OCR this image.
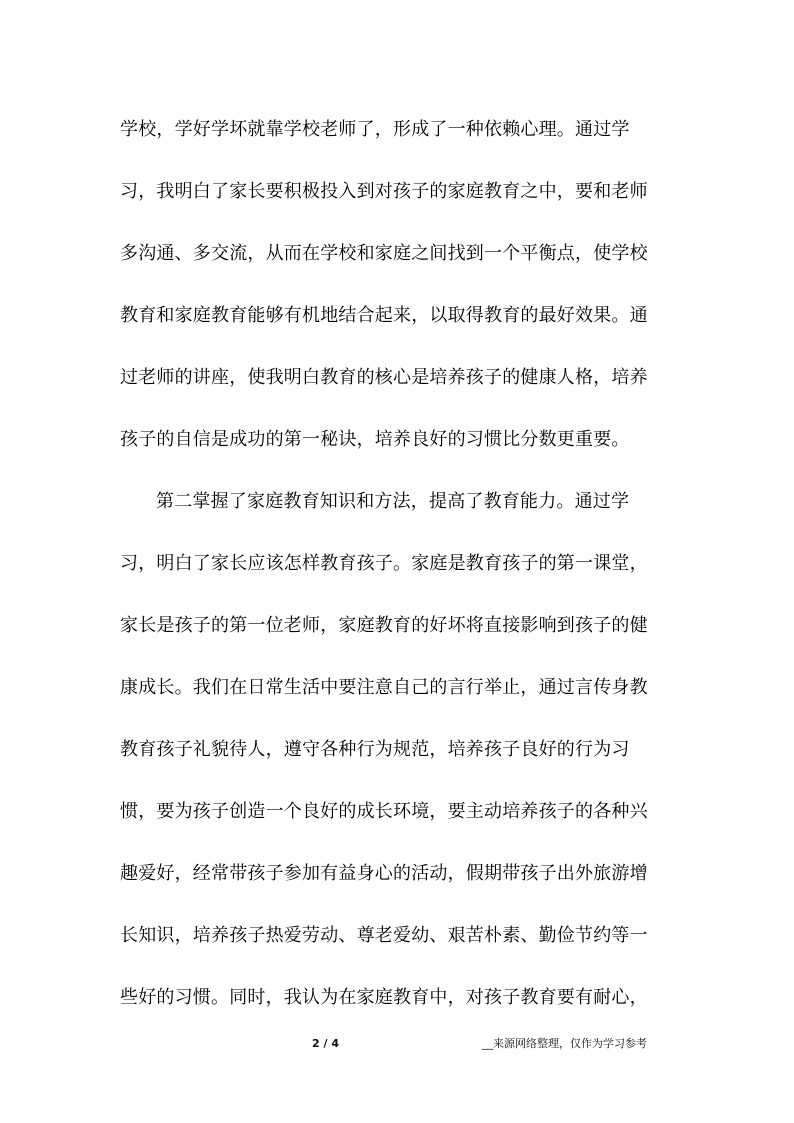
学校，学好学坏就靠学校老师了，形成了一种依赖心理。通过学
习，我明白了家长要积极投入到对孩子的家庭教育之中，要和老师
多沟通、多交流，从而在学校和家庭之间找到一个平衡点，使学校
教育和家庭教育能够有机地结合起来，以取得教育的最好效果。通
过老师的讲座，使我明白教育的核心是培养孩子的健康人格，培养
孩子的自信是成功的第一秘诀，培养良好的习惯比分数更重要。
第二掌握了家庭教育知识和方法，提高了教育能力。通过学
习，明白了家长应该怎样教育孩子。家庭是教育孩子的第一课堂，
家长是孩子的第一位老师，家庭教育的好坏将直接影响到孩子的健
康成长。我们在日常生活中要注意自己的言行举止，通过言传身教
教育孩子礼貌待人，遵守各种行为规范，培养孩子良好的行为习
惯，要为孩子创造一个良好的成长环境，要主动培养孩子的各种兴
趣爱好，经常带孩子参加有益身心的活动，假期带孩子出外旅游增
长知识，培养孩子热爱劳动、尊老爱幼、艰苦朴素、勤俭节约等一
些好的习惯。同时，我认为在家庭教育中，对孩子教育要有耐心，
2 / 4	__来源网络整理，仅作为学习参考
